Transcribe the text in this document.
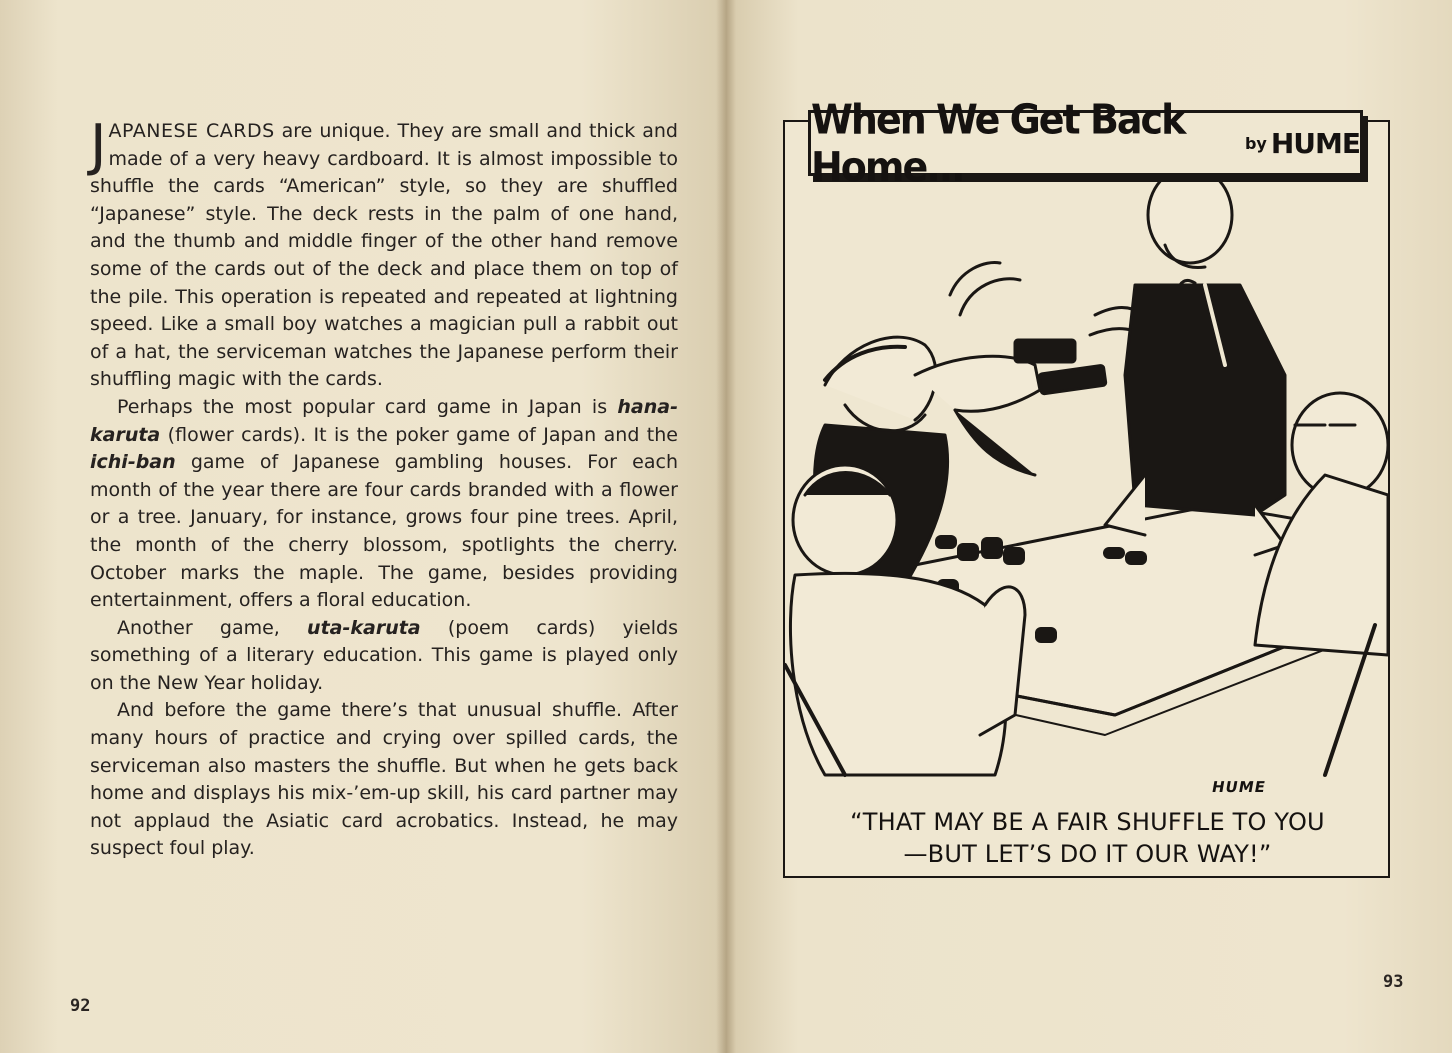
JAPANESE CARDS are unique. They are small and thick and made of a very heavy cardboard. It is almost impossible to shuffle the cards “American” style, so they are shuffled “Japanese” style. The deck rests in the palm of one hand, and the thumb and middle finger of the other hand remove some of the cards out of the deck and place them on top of the pile. This operation is repeated and repeated at lightning speed. Like a small boy watches a magician pull a rabbit out of a hat, the serviceman watches the Japanese perform their shuffling magic with the cards.

Perhaps the most popular card game in Japan is hana-karuta (flower cards). It is the poker game of Japan and the ichi-ban game of Japanese gambling houses. For each month of the year there are four cards branded with a flower or a tree. January, for instance, grows four pine trees. April, the month of the cherry blossom, spotlights the cherry. October marks the maple. The game, besides providing entertainment, offers a floral education.

Another game, uta-karuta (poem cards) yields something of a literary education. This game is played only on the New Year holiday.

And before the game there’s that unusual shuffle. After many hours of practice and crying over spilled cards, the serviceman also masters the shuffle. But when he gets back home and displays his mix-’em-up skill, his card partner may not applaud the Asiatic card acrobatics. Instead, he may suspect foul play.

92
When We Get Back Home...	by HUME
HUME
“THAT MAY BE A FAIR SHUFFLE TO YOU
—BUT LET’S DO IT OUR WAY!”
93
